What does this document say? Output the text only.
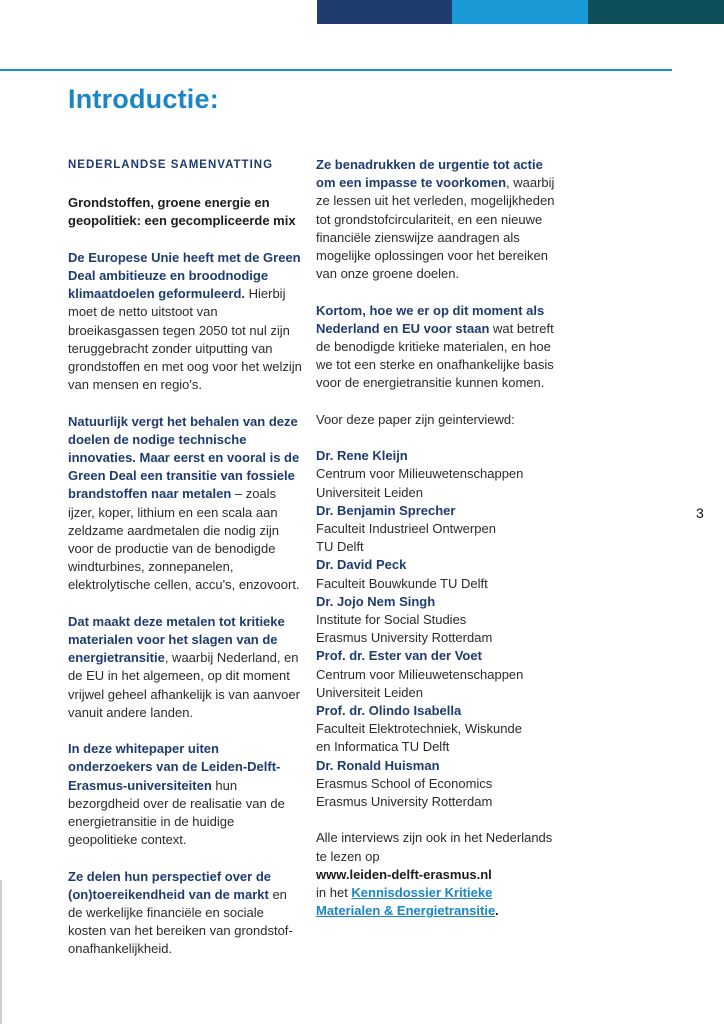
Introductie:

NEDERLANDSE SAMENVATTING

Grondstoffen, groene energie en geopolitiek: een gecompliceerde mix

De Europese Unie heeft met de Green Deal ambitieuze en broodnodige klimaatdoelen geformuleerd. Hierbij moet de netto uitstoot van broeikasgassen tegen 2050 tot nul zijn teruggebracht zonder uitputting van grondstoffen en met oog voor het welzijn van mensen en regio's.

Natuurlijk vergt het behalen van deze doelen de nodige technische innovaties. Maar eerst en vooral is de Green Deal een transitie van fossiele brandstoffen naar metalen – zoals ijzer, koper, lithium en een scala aan zeldzame aardmetalen die nodig zijn voor de productie van de benodigde windturbines, zonnepanelen, elektrolytische cellen, accu's, enzovoort.

Dat maakt deze metalen tot kritieke materialen voor het slagen van de energietransitie, waarbij Nederland, en de EU in het algemeen, op dit moment vrijwel geheel afhankelijk is van aanvoer vanuit andere landen.

In deze whitepaper uiten onderzoekers van de Leiden-Delft-Erasmus-universiteiten hun bezorgdheid over de realisatie van de energietransitie in de huidige geopolitieke context.

Ze delen hun perspectief over de (on)toereikendheid van de markt en de werkelijke financiële en sociale kosten van het bereiken van grondstof-onafhankelijkheid.

Ze benadrukken de urgentie tot actie om een impasse te voorkomen, waarbij ze lessen uit het verleden, mogelijkheden tot grondstofcirculariteit, en een nieuwe financiële zienswijze aandragen als mogelijke oplossingen voor het bereiken van onze groene doelen.

Kortom, hoe we er op dit moment als Nederland en EU voor staan wat betreft de benodigde kritieke materialen, en hoe we tot een sterke en onafhankelijke basis voor de energietransitie kunnen komen.

Voor deze paper zijn geinterviewd:

Dr. Rene Kleijn
Centrum voor Milieuwetenschappen
Universiteit Leiden
Dr. Benjamin Sprecher
Faculteit Industrieel Ontwerpen
TU Delft
Dr. David Peck
Faculteit Bouwkunde TU Delft
Dr. Jojo Nem Singh
Institute for Social Studies
Erasmus University Rotterdam
Prof. dr. Ester van der Voet
Centrum voor Milieuwetenschappen
Universiteit Leiden
Prof. dr. Olindo Isabella
Faculteit Elektrotechniek, Wiskunde
en Informatica TU Delft
Dr. Ronald Huisman
Erasmus School of Economics
Erasmus University Rotterdam

Alle interviews zijn ook in het Nederlands te lezen op
www.leiden-delft-erasmus.nl
in het Kennisdossier Kritieke Materialen & Energietransitie.

3
